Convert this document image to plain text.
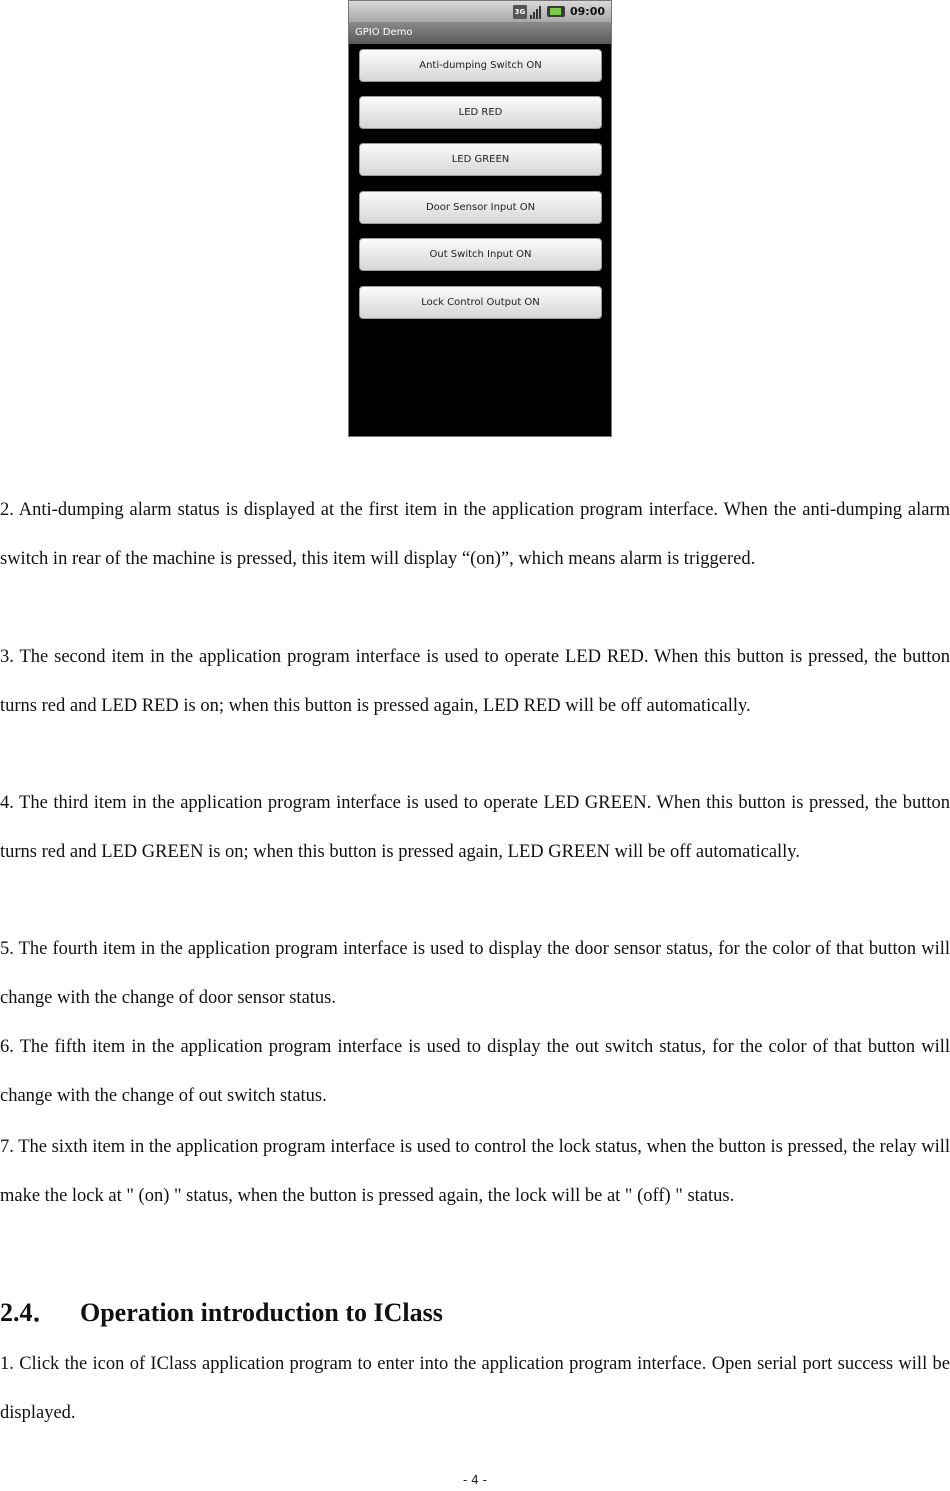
3G	09:00
GPIO Demo
Anti-dumping Switch ON
LED RED
LED GREEN
Door Sensor Input ON
Out Switch Input ON
Lock Control Output ON

2. Anti-dumping alarm status is displayed at the first item in the application program interface. When the anti-dumping alarm switch in rear of the machine is pressed, this item will display “(on)”, which means alarm is triggered.

3. The second item in the application program interface is used to operate LED RED. When this button is pressed, the button turns red and LED RED is on; when this button is pressed again, LED RED will be off automatically.

4. The third item in the application program interface is used to operate LED GREEN. When this button is pressed, the button turns red and LED GREEN is on; when this button is pressed again, LED GREEN will be off automatically.

5. The fourth item in the application program interface is used to display the door sensor status, for the color of that button will change with the change of door sensor status.

6. The fifth item in the application program interface is used to display the out switch status, for the color of that button will change with the change of out switch status.

7. The sixth item in the application program interface is used to control the lock status, when the button is pressed, the relay will make the lock at " (on) " status, when the button is pressed again, the lock will be at " (off) " status.

2.4． Operation introduction to IClass

1. Click the icon of IClass application program to enter into the application program interface. Open serial port success will be displayed.

- 4 -
